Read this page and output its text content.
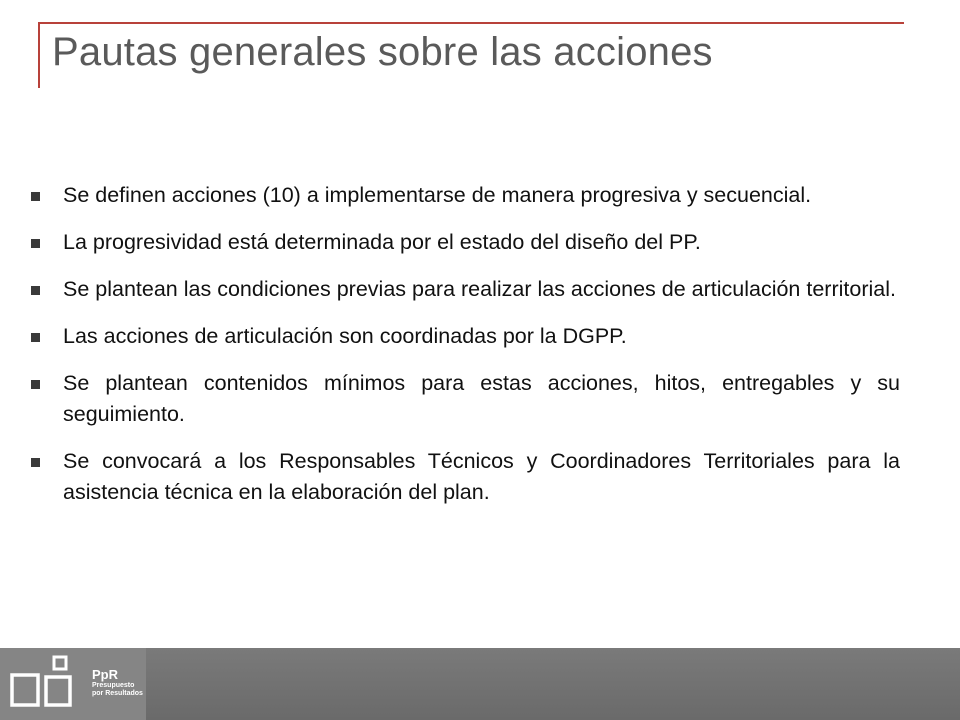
Pautas generales sobre las acciones
Se definen acciones (10) a implementarse de manera progresiva y secuencial.
La progresividad está determinada por el estado del diseño del PP.
Se plantean las condiciones previas para realizar las acciones de articulación territorial.
Las acciones de articulación son coordinadas por la DGPP.
Se plantean contenidos mínimos para estas acciones, hitos, entregables y su seguimiento.
Se convocará a los Responsables Técnicos y Coordinadores Territoriales para la asistencia técnica en la elaboración del plan.
PpR
Presupuesto
por Resultados
